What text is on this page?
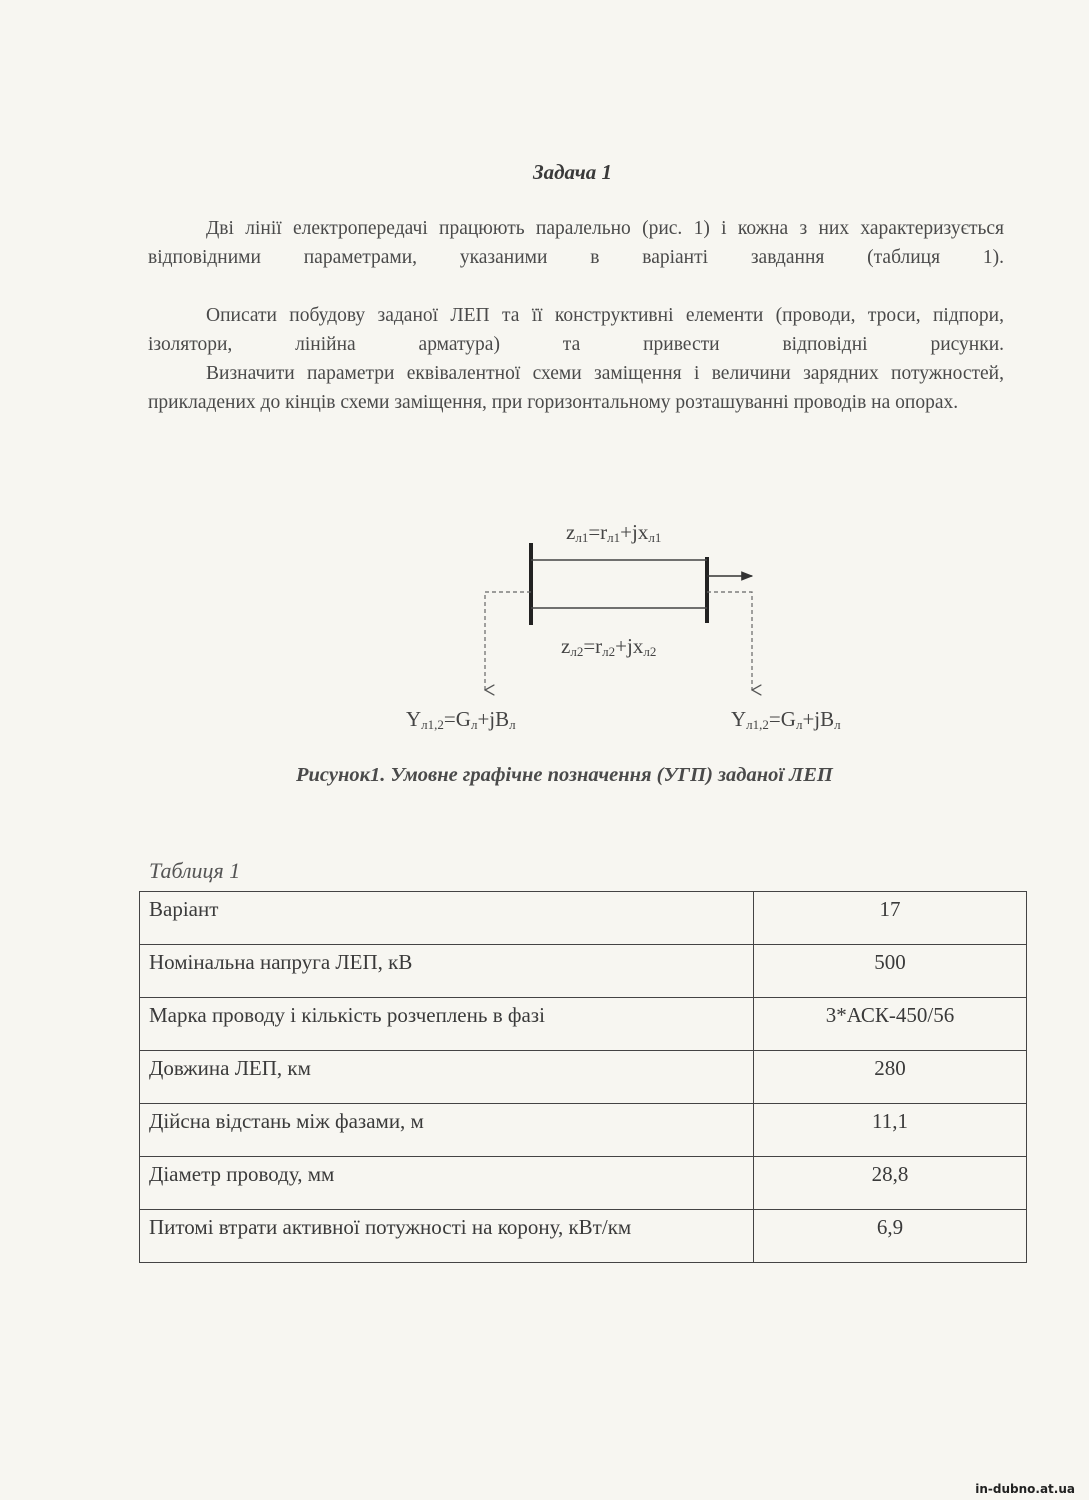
Задача 1

Дві лінії електропередачі працюють паралельно (рис. 1) і кожна з них характеризується відповідними параметрами, указаними в варіанті завдання (таблиця 1).

Описати побудову заданої ЛЕП та її конструктивні елементи (проводи, троси, підпори, ізолятори, лінійна арматура) та привести відповідні рисунки.

Визначити параметри еквівалентної схеми заміщення і величини зарядних потужностей, прикладених до кінців схеми заміщення, при горизонтальному розташуванні проводів на опорах.

zл1=rл1+jxл1
zл2=rл2+jxл2
Yл1,2=Gл+jBл	Yл1,2=Gл+jBл
Рисунок1. Умовне графічне позначення (УГП) заданої ЛЕП
Таблиця 1
Варіант	17
Номінальна напруга ЛЕП, кВ	500
Марка проводу і кількість розчеплень в фазі	3*АСК-450/56
Довжина ЛЕП, км	280
Дійсна відстань між фазами, м	11,1
Діаметр проводу, мм	28,8
Питомі втрати активної потужності на корону, кВт/км	6,9
in-dubno.at.ua
